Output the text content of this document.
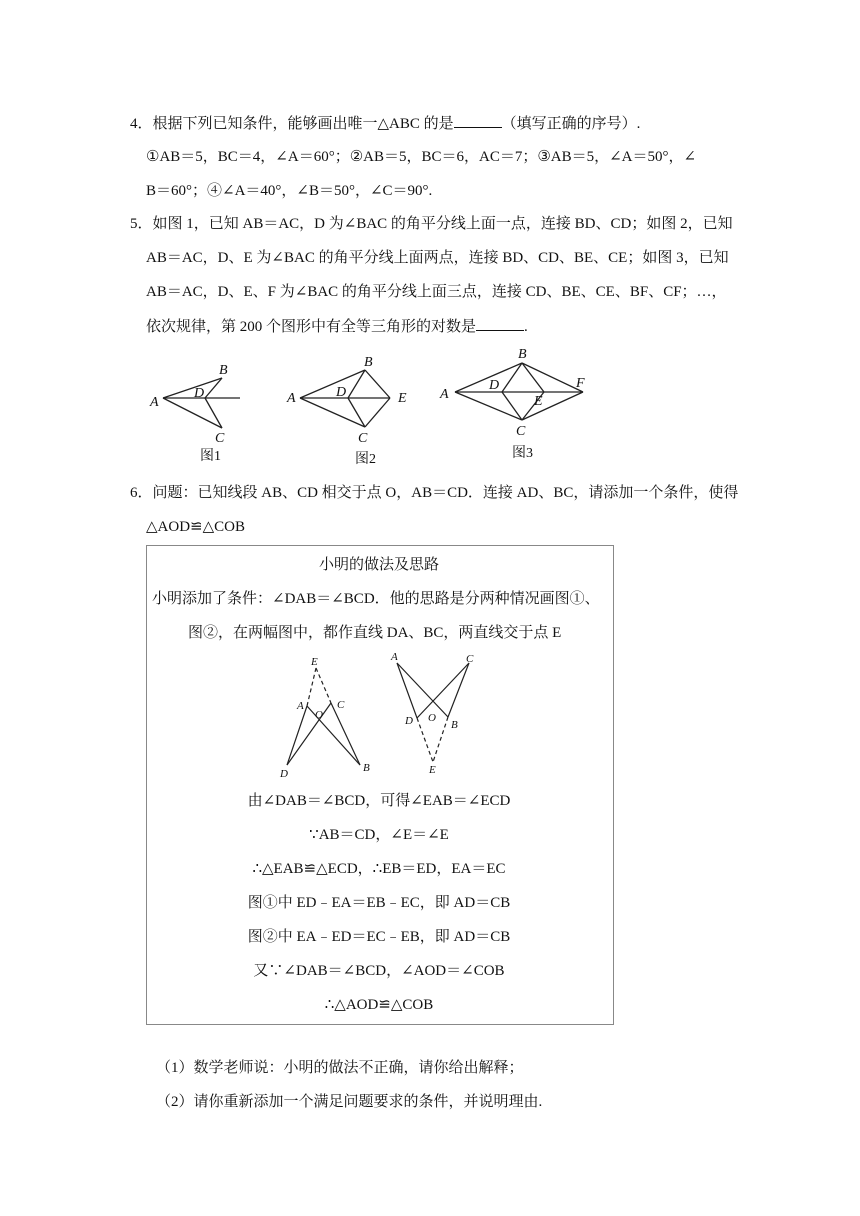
4．根据下列已知条件，能够画出唯一△ABC 的是	（填写正确的序号）.
①AB＝5，BC＝4，∠A＝60°；②AB＝5，BC＝6，AC＝7；③AB＝5，∠A＝50°，∠
B＝60°；④∠A＝40°，∠B＝50°，∠C＝90°.
5．如图 1，已知 AB＝AC，D 为∠BAC 的角平分线上面一点，连接 BD、CD；如图 2，已知
AB＝AC，D、E 为∠BAC 的角平分线上面两点，连接 BD、CD、BE、CE；如图 3，已知
AB＝AC，D、E、F 为∠BAC 的角平分线上面三点，连接 CD、BE、CE、BF、CF；…，
依次规律，第 200 个图形中有全等三角形的对数是	.
A
B
C
D
图1
A
B
C
D	E
图2
A
B
C
D
E
F
图3
6．问题：已知线段 AB、CD 相交于点 O，AB＝CD．连接 AD、BC，请添加一个条件，使得
△AOD≌△COB
小明的做法及思路
小明添加了条件：∠DAB＝∠BCD．他的思路是分两种情况画图①、
图②，在两幅图中，都作直线 DA、BC，两直线交于点 E
E
A	C
O
D	B
A	C
D O
B
E
由∠DAB＝∠BCD，可得∠EAB＝∠ECD
∵AB＝CD，∠E＝∠E
∴△EAB≌△ECD，∴EB＝ED，EA＝EC
图①中 ED﹣EA＝EB﹣EC，即 AD＝CB
图②中 EA﹣ED＝EC﹣EB，即 AD＝CB
又∵∠DAB＝∠BCD，∠AOD＝∠COB
∴△AOD≌△COB
（1）数学老师说：小明的做法不正确，请你给出解释；
（2）请你重新添加一个满足问题要求的条件，并说明理由.
